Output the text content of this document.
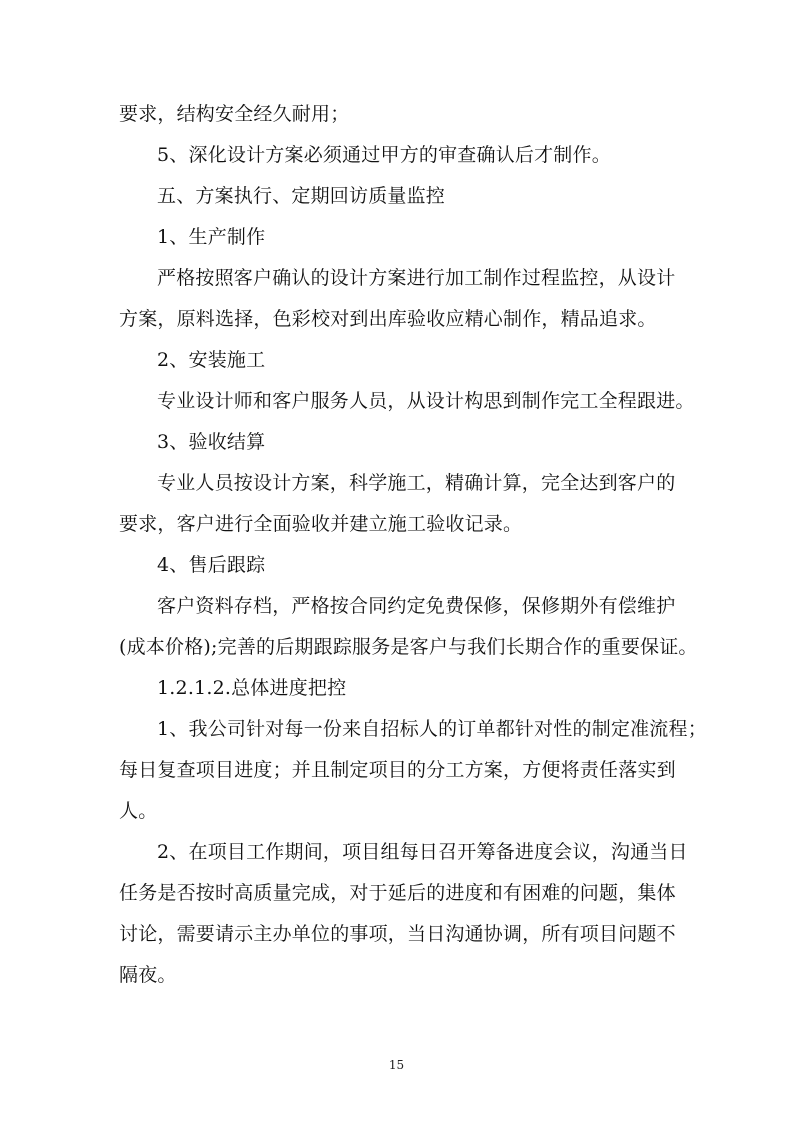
要求，结构安全经久耐用；
5、深化设计方案必须通过甲方的审查确认后才制作。
五、方案执行、定期回访质量监控
1、生产制作
严格按照客户确认的设计方案进行加工制作过程监控，从设计
方案，原料选择，色彩校对到出库验收应精心制作，精品追求。
2、安装施工
专业设计师和客户服务人员，从设计构思到制作完工全程跟进。
3、验收结算
专业人员按设计方案，科学施工，精确计算，完全达到客户的
要求，客户进行全面验收并建立施工验收记录。
4、售后跟踪
客户资料存档，严格按合同约定免费保修，保修期外有偿维护
(成本价格);完善的后期跟踪服务是客户与我们长期合作的重要保证。
1.2.1.2.总体进度把控
1、我公司针对每一份来自招标人的订单都针对性的制定准流程；
每日复查项目进度；并且制定项目的分工方案，方便将责任落实到
人。
2、在项目工作期间，项目组每日召开筹备进度会议，沟通当日
任务是否按时高质量完成，对于延后的进度和有困难的问题，集体
讨论，需要请示主办单位的事项，当日沟通协调，所有项目问题不
隔夜。
15
